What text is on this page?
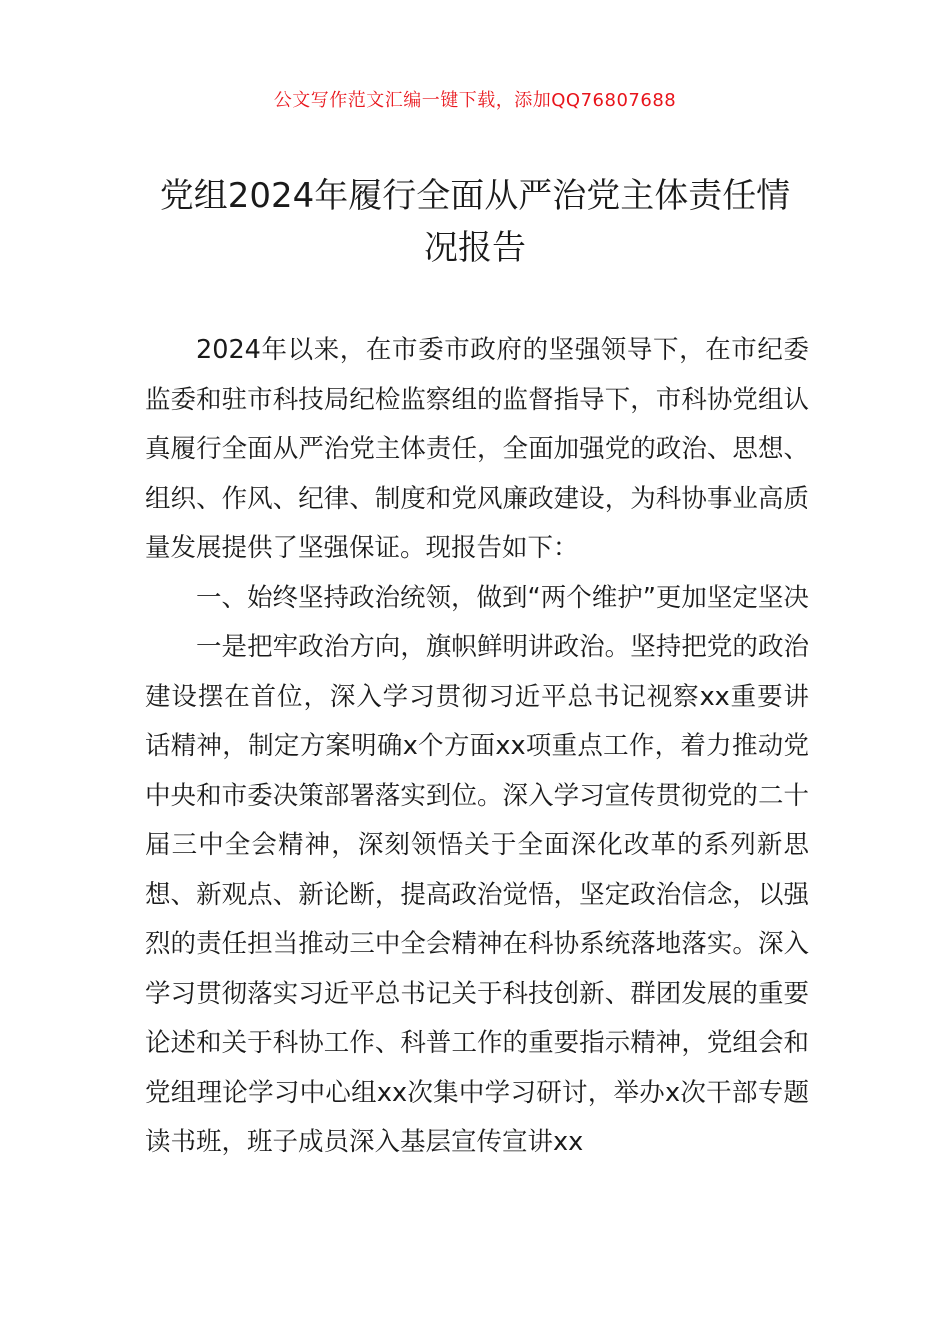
公文写作范文汇编一键下载，添加QQ76807688
党组2024年履行全面从严治党主体责任情况报告

2024年以来，在市委市政府的坚强领导下，在市纪委监委和驻市科技局纪检监察组的监督指导下，市科协党组认真履行全面从严治党主体责任，全面加强党的政治、思想、组织、作风、纪律、制度和党风廉政建设，为科协事业高质量发展提供了坚强保证。现报告如下：

一、始终坚持政治统领，做到“两个维护”更加坚定坚决

一是把牢政治方向，旗帜鲜明讲政治。坚持把党的政治建设摆在首位，深入学习贯彻习近平总书记视察xx重要讲话精神，制定方案明确x个方面xx项重点工作，着力推动党中央和市委决策部署落实到位。深入学习宣传贯彻党的二十届三中全会精神，深刻领悟关于全面深化改革的系列新思想、新观点、新论断，提高政治觉悟，坚定政治信念，以强烈的责任担当推动三中全会精神在科协系统落地落实。深入学习贯彻落实习近平总书记关于科技创新、群团发展的重要论述和关于科协工作、科普工作的重要指示精神，党组会和党组理论学习中心组xx次集中学习研讨，举办x次干部专题读书班，班子成员深入基层宣传宣讲xx
